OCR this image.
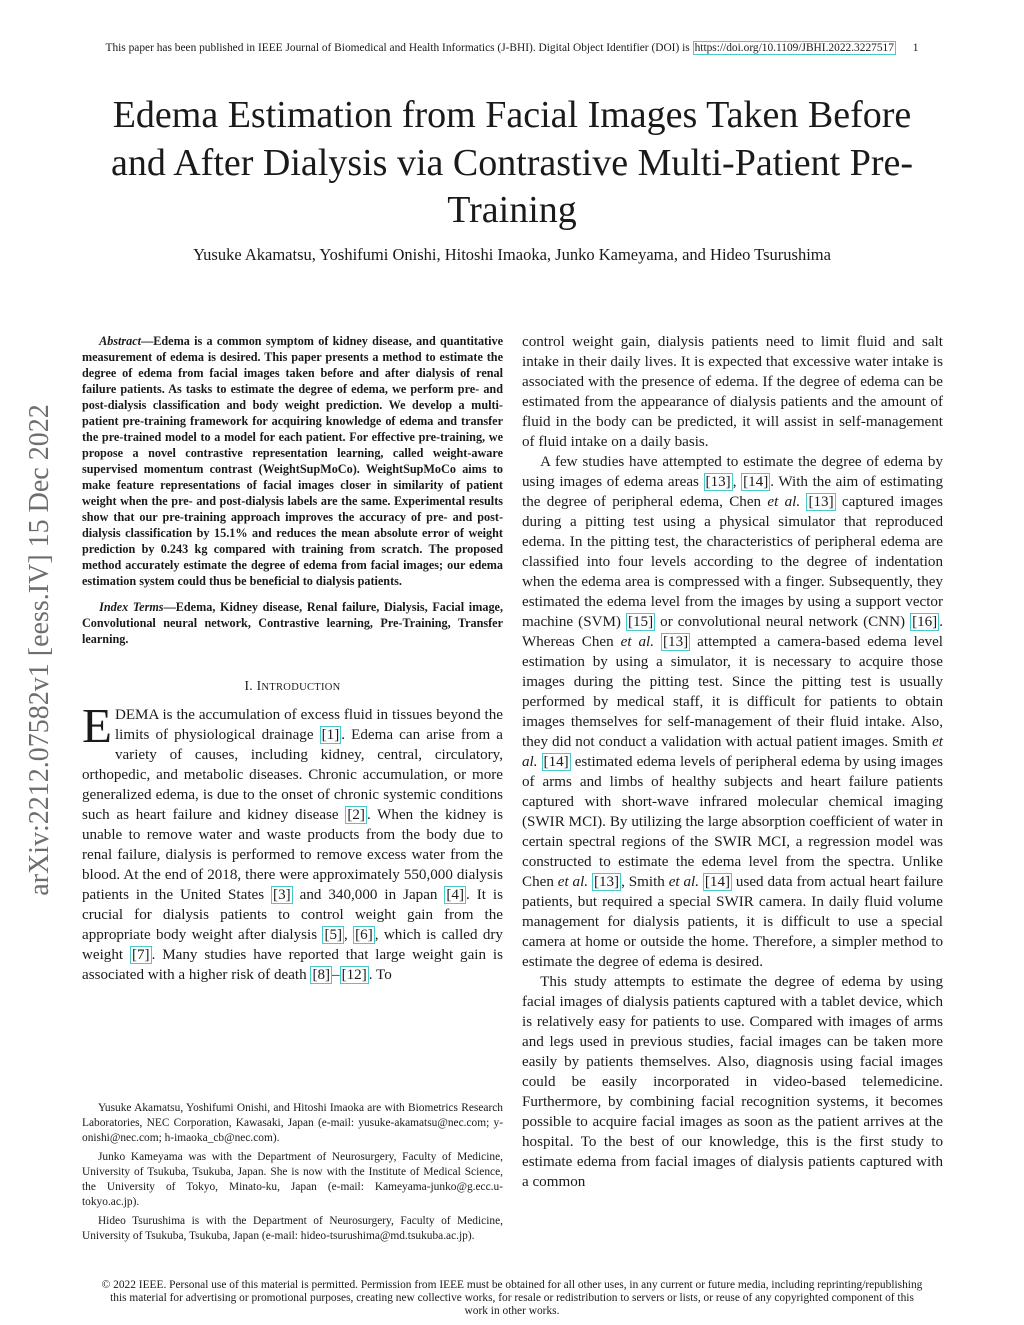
This paper has been published in IEEE Journal of Biomedical and Health Informatics (J-BHI). Digital Object Identifier (DOI) is https://doi.org/10.1109/JBHI.2022.3227517 1
Edema Estimation from Facial Images Taken Before and After Dialysis via Contrastive Multi-Patient Pre-Training
Yusuke Akamatsu, Yoshifumi Onishi, Hitoshi Imaoka, Junko Kameyama, and Hideo Tsurushima
arXiv:2212.07582v1 [eess.IV] 15 Dec 2022

Abstract—Edema is a common symptom of kidney disease, and quantitative measurement of edema is desired. This paper presents a method to estimate the degree of edema from facial images taken before and after dialysis of renal failure patients. As tasks to estimate the degree of edema, we perform pre- and post-dialysis classification and body weight prediction. We develop a multi-patient pre-training framework for acquiring knowledge of edema and transfer the pre-trained model to a model for each patient. For effective pre-training, we propose a novel contrastive representation learning, called weight-aware supervised momentum contrast (WeightSupMoCo). WeightSupMoCo aims to make feature representations of facial images closer in similarity of patient weight when the pre- and post-dialysis labels are the same. Experimental results show that our pre-training approach improves the accuracy of pre- and post-dialysis classification by 15.1% and reduces the mean absolute error of weight prediction by 0.243 kg compared with training from scratch. The proposed method accurately estimate the degree of edema from facial images; our edema estimation system could thus be beneficial to dialysis patients.

Index Terms—Edema, Kidney disease, Renal failure, Dialysis, Facial image, Convolutional neural network, Contrastive learning, Pre-Training, Transfer learning.

I. INTRODUCTION

EDEMA is the accumulation of excess fluid in tissues beyond the limits of physiological drainage [1] . Edema can arise from a variety of causes, including kidney, central, circulatory, orthopedic, and metabolic diseases. Chronic accumulation, or more generalized edema, is due to the onset of chronic systemic conditions such as heart failure and kidney disease [2] . When the kidney is unable to remove water and waste products from the body due to renal failure, dialysis is performed to remove excess water from the blood. At the end of 2018, there were approximately 550,000 dialysis patients in the United States [3] and 340,000 in Japan [4] . It is crucial for dialysis patients to control weight gain from the appropriate body weight after dialysis [5] , [6] , which is called dry weight [7] . Many studies have reported that large weight gain is associated with a higher risk of death [8] – [12] . To

Yusuke Akamatsu, Yoshifumi Onishi, and Hitoshi Imaoka are with Biometrics Research Laboratories, NEC Corporation, Kawasaki, Japan (e-mail: yusuke-akamatsu@nec.com; y-onishi@nec.com; h-imaoka_cb@nec.com).

Junko Kameyama was with the Department of Neurosurgery, Faculty of Medicine, University of Tsukuba, Tsukuba, Japan. She is now with the Institute of Medical Science, the University of Tokyo, Minato-ku, Japan (e-mail: Kameyama-junko@g.ecc.u-tokyo.ac.jp).

Hideo Tsurushima is with the Department of Neurosurgery, Faculty of Medicine, University of Tsukuba, Tsukuba, Japan (e-mail: hideo-tsurushima@md.tsukuba.ac.jp).

control weight gain, dialysis patients need to limit fluid and salt intake in their daily lives. It is expected that excessive water intake is associated with the presence of edema. If the degree of edema can be estimated from the appearance of dialysis patients and the amount of fluid in the body can be predicted, it will assist in self-management of fluid intake on a daily basis.

A few studies have attempted to estimate the degree of edema by using images of edema areas [13] , [14] . With the aim of estimating the degree of peripheral edema, Chen et al. [13] captured images during a pitting test using a physical simulator that reproduced edema. In the pitting test, the characteristics of peripheral edema are classified into four levels according to the degree of indentation when the edema area is compressed with a finger. Subsequently, they estimated the edema level from the images by using a support vector machine (SVM) [15] or convolutional neural network (CNN) [16] . Whereas Chen et al. [13] attempted a camera-based edema level estimation by using a simulator, it is necessary to acquire those images during the pitting test. Since the pitting test is usually performed by medical staff, it is difficult for patients to obtain images themselves for self-management of their fluid intake. Also, they did not conduct a validation with actual patient images. Smith et al. [14] estimated edema levels of peripheral edema by using images of arms and limbs of healthy subjects and heart failure patients captured with short-wave infrared molecular chemical imaging (SWIR MCI). By utilizing the large absorption coefficient of water in certain spectral regions of the SWIR MCI, a regression model was constructed to estimate the edema level from the spectra. Unlike Chen et al. [13] , Smith et al. [14] used data from actual heart failure patients, but required a special SWIR camera. In daily fluid volume management for dialysis patients, it is difficult to use a special camera at home or outside the home. Therefore, a simpler method to estimate the degree of edema is desired.

This study attempts to estimate the degree of edema by using facial images of dialysis patients captured with a tablet device, which is relatively easy for patients to use. Compared with images of arms and legs used in previous studies, facial images can be taken more easily by patients themselves. Also, diagnosis using facial images could be easily incorporated in video-based telemedicine. Furthermore, by combining facial recognition systems, it becomes possible to acquire facial images as soon as the patient arrives at the hospital. To the best of our knowledge, this is the first study to estimate edema from facial images of dialysis patients captured with a common

© 2022 IEEE. Personal use of this material is permitted. Permission from IEEE must be obtained for all other uses, in any current or future media, including reprinting/republishing this material for advertising or promotional purposes, creating new collective works, for resale or redistribution to servers or lists, or reuse of any copyrighted component of this work in other works.
